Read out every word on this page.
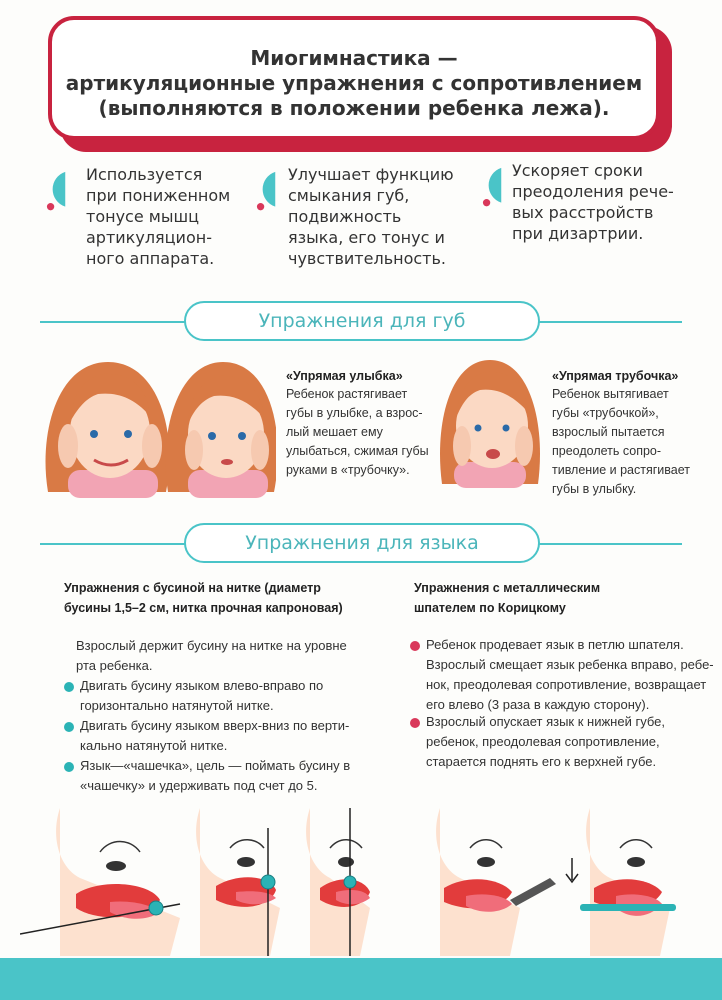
Миогимнастика —
артикуляционные упражнения с сопротивлением
(выполняются в положении ребенка лежа).
Используется
при пониженном
тонусе мышц
артикуляцион-
ного аппарата.
Улучшает функцию
смыкания губ,
подвижность
языка, его тонус и
чувствительность.
Ускоряет сроки
преодоления рече-
вых расстройств
при дизартрии.
Упражнения для губ
«Упрямая улыбка»
Ребенок растягивает
губы в улыбке, а взрос-
лый мешает ему
улыбаться, сжимая губы
руками в «трубочку».
«Упрямая трубочка»
Ребенок вытягивает
губы «трубочкой»,
взрослый пытается
преодолеть сопро-
тивление и растягивает
губы в улыбку.
Упражнения для языка
Упражнения с бусиной на нитке (диаметр
бусины 1,5–2 см, нитка прочная капроновая)
Взрослый держит бусину на нитке на уровне
рта ребенка.
Двигать бусину языком влево-вправо по
горизонтально натянутой нитке.
Двигать бусину языком вверх-вниз по верти-
кально натянутой нитке.
Язык—«чашечка», цель — поймать бусину в
«чашечку» и удерживать под счет до 5.
Упражнения с металлическим
шпателем по Корицкому
Ребенок продевает язык в петлю шпателя.
Взрослый смещает язык ребенка вправо, ребе-
нок, преодолевая сопротивление, возвращает
его влево (3 раза в каждую сторону).
Взрослый опускает язык к нижней губе,
ребенок, преодолевая сопротивление,
старается поднять его к верхней губе.
